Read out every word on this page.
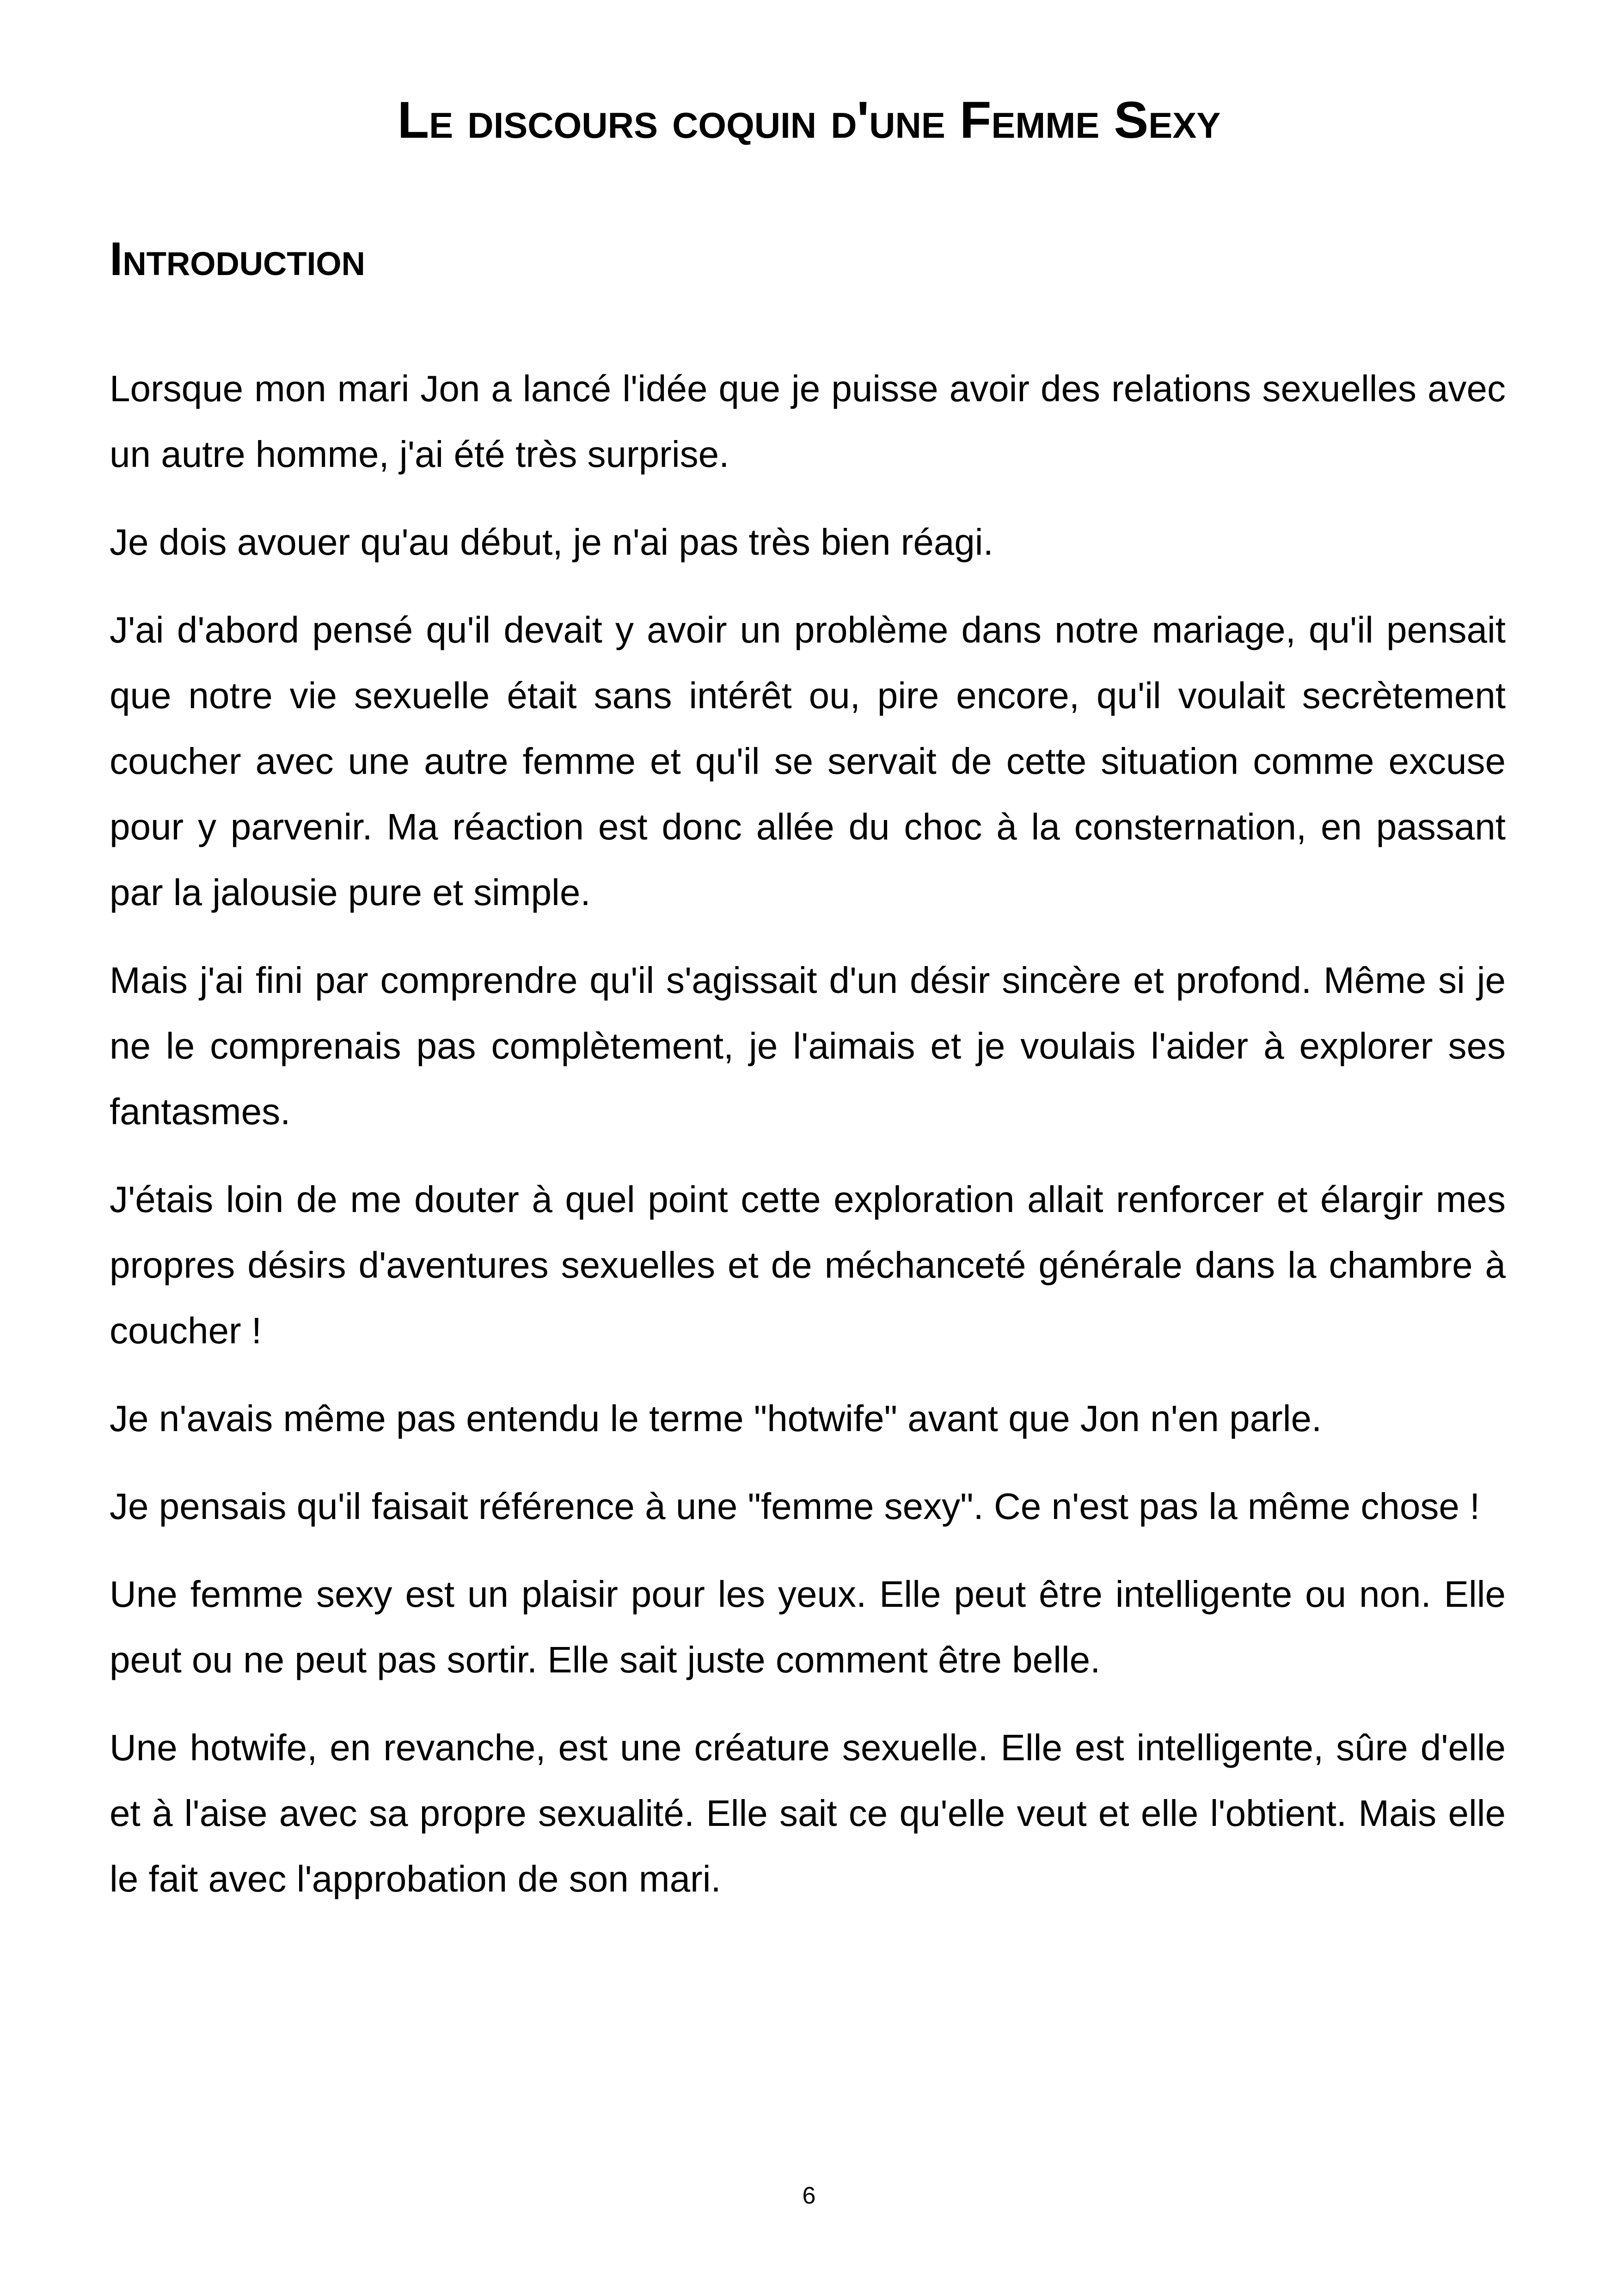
Le discours coquin d'une Femme Sexy
Introduction

Lorsque mon mari Jon a lancé l'idée que je puisse avoir des relations sexuelles avec un autre homme, j'ai été très surprise.

Je dois avouer qu'au début, je n'ai pas très bien réagi.

J'ai d'abord pensé qu'il devait y avoir un problème dans notre mariage, qu'il pensait que notre vie sexuelle était sans intérêt ou, pire encore, qu'il voulait secrètement coucher avec une autre femme et qu'il se servait de cette situation comme excuse pour y parvenir. Ma réaction est donc allée du choc à la consternation, en passant par la jalousie pure et simple.

Mais j'ai fini par comprendre qu'il s'agissait d'un désir sincère et profond. Même si je ne le comprenais pas complètement, je l'aimais et je voulais l'aider à explorer ses fantasmes.

J'étais loin de me douter à quel point cette exploration allait renforcer et élargir mes propres désirs d'aventures sexuelles et de méchanceté générale dans la chambre à coucher !

Je n'avais même pas entendu le terme "hotwife" avant que Jon n'en parle.

Je pensais qu'il faisait référence à une "femme sexy". Ce n'est pas la même chose !

Une femme sexy est un plaisir pour les yeux. Elle peut être intelligente ou non. Elle peut ou ne peut pas sortir. Elle sait juste comment être belle.

Une hotwife, en revanche, est une créature sexuelle. Elle est intelligente, sûre d'elle et à l'aise avec sa propre sexualité. Elle sait ce qu'elle veut et elle l'obtient. Mais elle le fait avec l'approbation de son mari.

6
